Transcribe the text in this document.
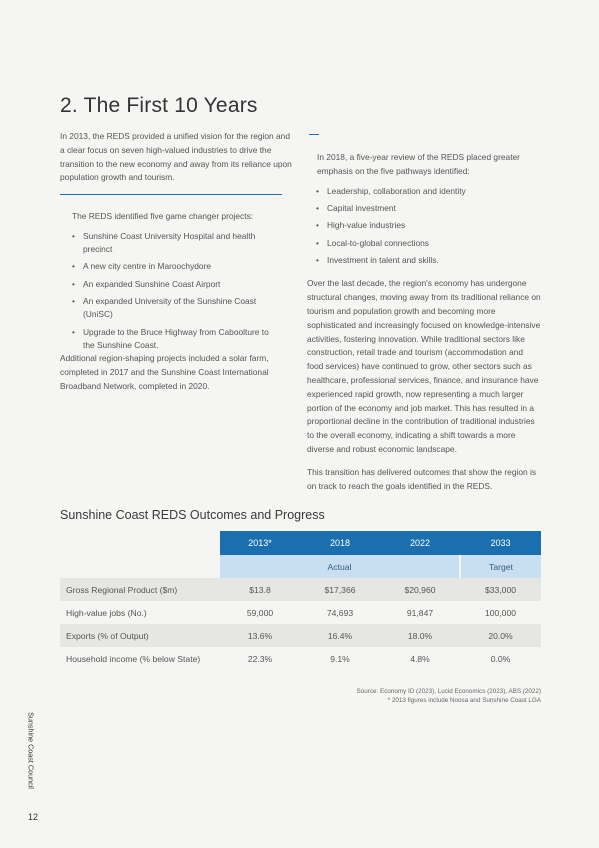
2. The First 10 Years

In 2013, the REDS provided a unified vision for the region and a clear focus on seven high-valued industries to drive the transition to the new economy and away from its reliance upon population growth and tourism.

The REDS identified five game changer projects:

• Sunshine Coast University Hospital and health precinct
• A new city centre in Maroochydore
• An expanded Sunshine Coast Airport
• An expanded University of the Sunshine Coast (UniSC)
• Upgrade to the Bruce Highway from Caboolture to the Sunshine Coast.

Additional region-shaping projects included a solar farm, completed in 2017 and the Sunshine Coast International Broadband Network, completed in 2020.

In 2018, a five-year review of the REDS placed greater emphasis on the five pathways identified:

• Leadership, collaboration and identity
• Capital investment
• High-value industries
• Local-to-global connections
• Investment in talent and skills.

Over the last decade, the region's economy has undergone structural changes, moving away from its traditional reliance on tourism and population growth and becoming more sophisticated and increasingly focused on knowledge-intensive activities, fostering innovation. While traditional sectors like construction, retail trade and tourism (accommodation and food services) have continued to grow, other sectors such as healthcare, professional services, finance, and insurance have experienced rapid growth, now representing a much larger portion of the economy and job market. This has resulted in a proportional decline in the contribution of traditional industries to the overall economy, indicating a shift towards a more diverse and robust economic landscape.

This transition has delivered outcomes that show the region is on track to reach the goals identified in the REDS.

Sunshine Coast REDS Outcomes and Progress
	2013*	2018	2022	2033
	Actual			Target
Gross Regional Product ($m)	$13.8	$17,366	$20,960	$33,000
High-value jobs (No.)	59,000	74,693	91,847	100,000
Exports (% of Output)	13.6%	16.4%	18.0%	20.0%
Household income (% below State)	22.3%	9.1%	4.8%	0.0%
Source: Economy ID (2023), Lucid Economics (2023), ABS (2022)
* 2013 figures include Noosa and Sunshine Coast LGA
Sunshine Coast Council
12
